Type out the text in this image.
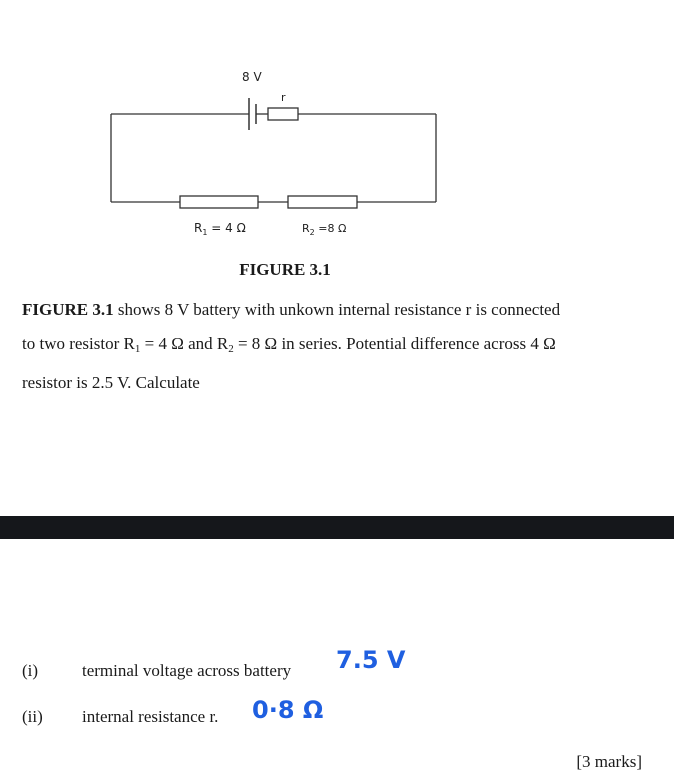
8 V
r
$R_1 = 4$ Ω	$R_2 =8$ Ω
FIGURE 3.1
FIGURE 3.1 shows 8 V battery with unkown internal resistance r is connected
to two resistor $R_1 = 4$ Ω and $R_2 = 8$ Ω in series. Potential difference across 4 Ω
resistor is 2.5 V. Calculate
(i)	terminal voltage across battery 7.5 V
(ii) internal resistance r. 0·8 Ω
[3 marks]
